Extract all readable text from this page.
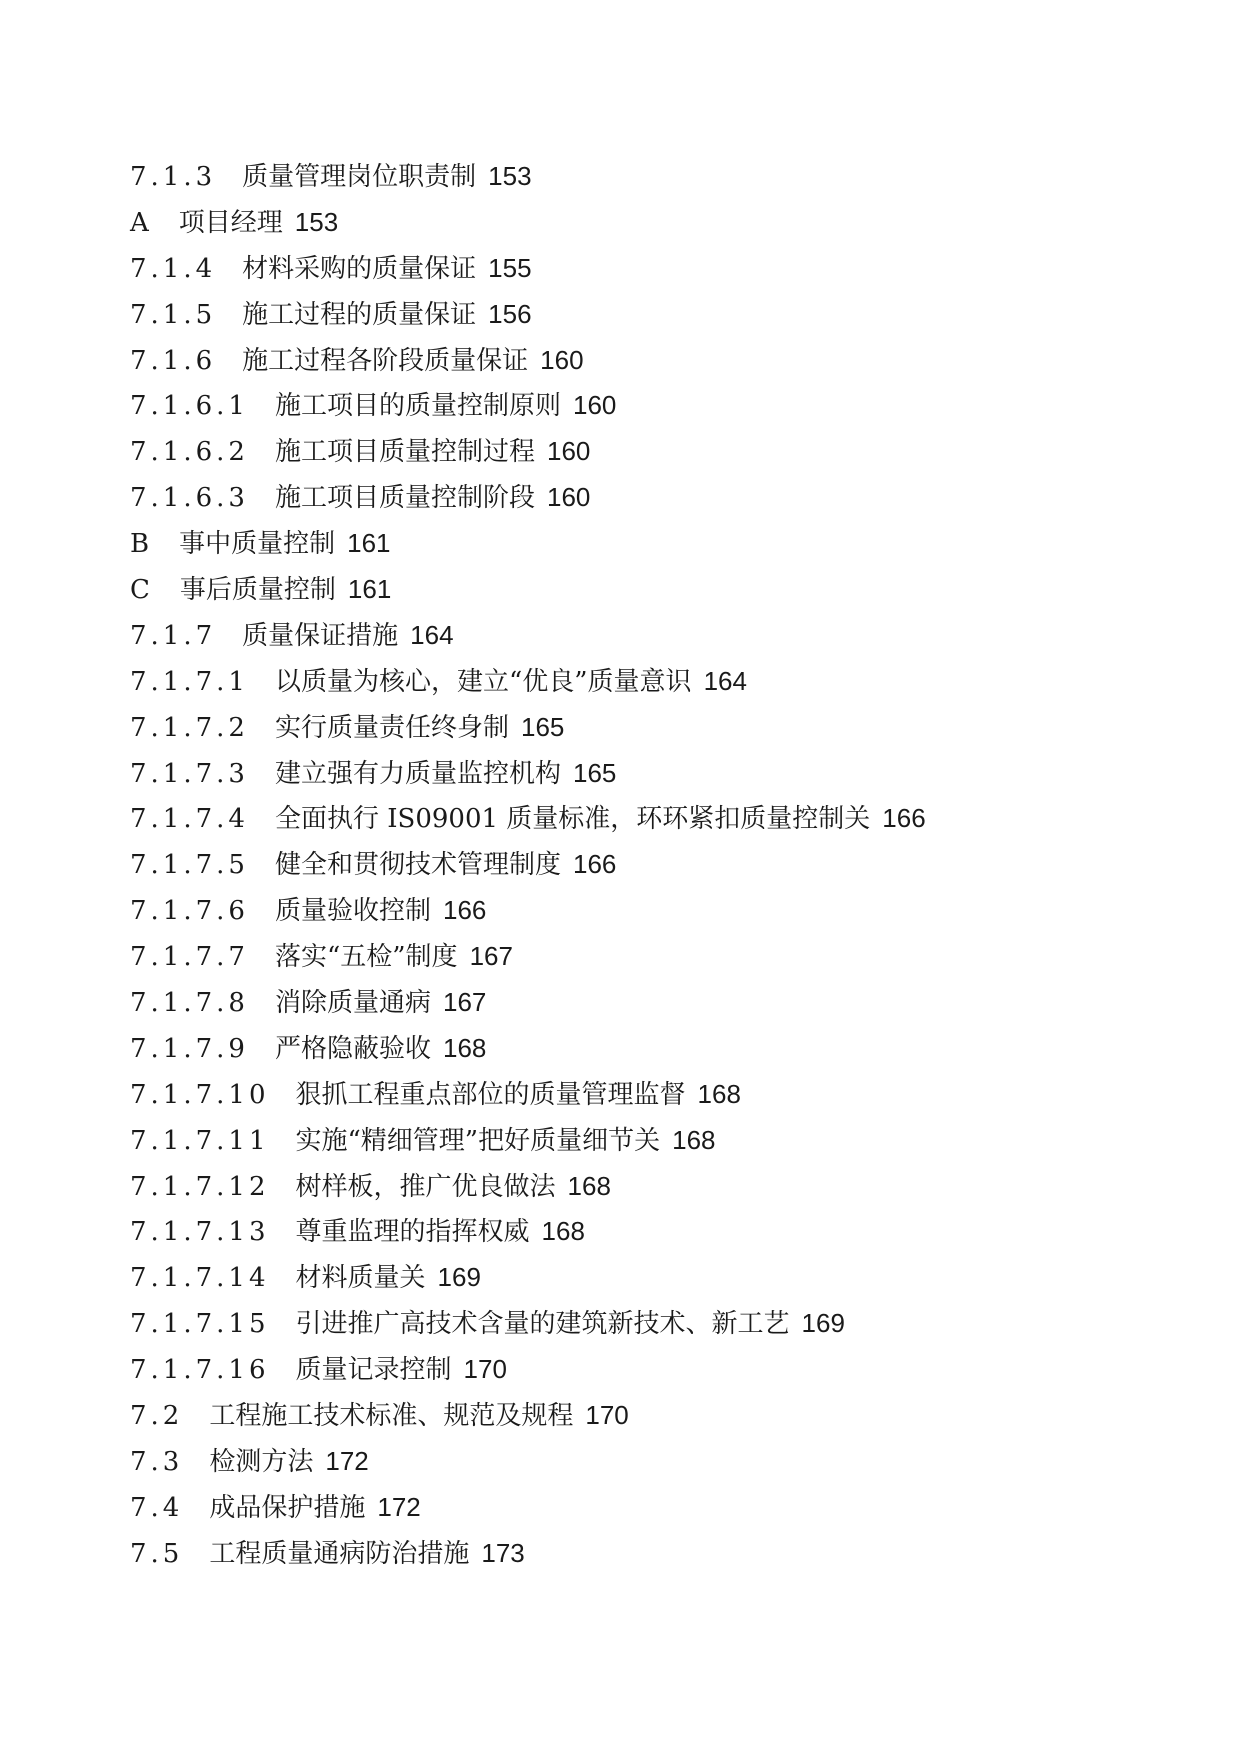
7.1.3 质量管理岗位职责制 153
A 项目经理 153
7.1.4 材料采购的质量保证 155
7.1.5 施工过程的质量保证 156
7.1.6 施工过程各阶段质量保证 160
7.1.6.1 施工项目的质量控制原则 160
7.1.6.2 施工项目质量控制过程 160
7.1.6.3 施工项目质量控制阶段 160
B 事中质量控制 161
C 事后质量控制 161
7.1.7 质量保证措施 164
7.1.7.1 以质量为核心，建立“优良”质量意识 164
7.1.7.2 实行质量责任终身制 165
7.1.7.3 建立强有力质量监控机构 165
7.1.7.4 全面执行 IS09001 质量标准，环环紧扣质量控制关 166
7.1.7.5 健全和贯彻技术管理制度 166
7.1.7.6 质量验收控制 166
7.1.7.7 落实“五检”制度 167
7.1.7.8 消除质量通病 167
7.1.7.9 严格隐蔽验收 168
7.1.7.10 狠抓工程重点部位的质量管理监督 168
7.1.7.11 实施“精细管理”把好质量细节关 168
7.1.7.12 树样板，推广优良做法 168
7.1.7.13 尊重监理的指挥权威 168
7.1.7.14 材料质量关 169
7.1.7.15 引进推广高技术含量的建筑新技术、新工艺 169
7.1.7.16 质量记录控制 170
7.2 工程施工技术标准、规范及规程 170
7.3 检测方法 172
7.4 成品保护措施 172
7.5 工程质量通病防治措施 173
